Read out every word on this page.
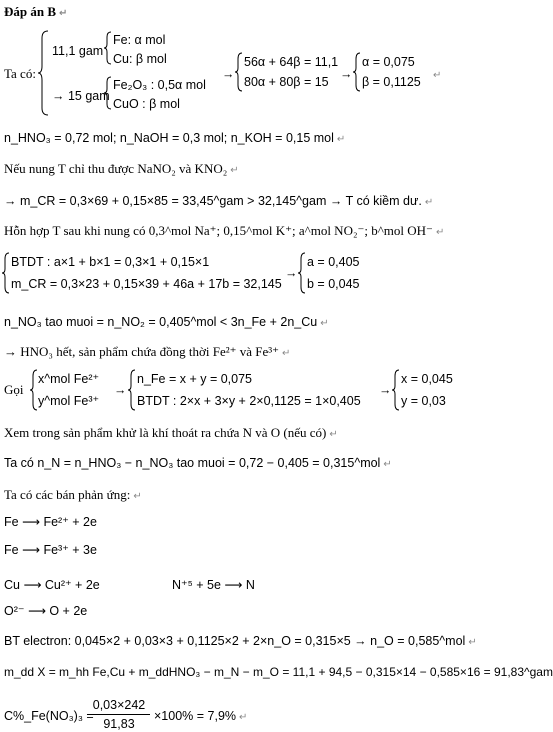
Đáp án B ↵
Ta có:
11,1 gam
Fe: α mol
Cu: β mol
→ 15 gam
Fe₂O₃ : 0,5α mol
CuO : β mol
→
56α + 64β = 11,1
80α + 80β = 15
→
α = 0,075
β = 0,1125	↵
n_HNO₃ = 0,72 mol; n_NaOH = 0,3 mol; n_KOH = 0,15 mol ↵
Nếu nung T chỉ thu được NaNO₂ và KNO₂ ↵
→ m_CR = 0,3×69 + 0,15×85 = 33,45^gam > 32,145^gam → T có kiềm dư. ↵
Hỗn hợp T sau khi nung có 0,3^mol Na⁺; 0,15^mol K⁺; a^mol NO₂⁻; b^mol OH⁻ ↵
BTDT : a×1 + b×1 = 0,3×1 + 0,15×1
m_CR = 0,3×23 + 0,15×39 + 46a + 17b = 32,145
→
a = 0,405
b = 0,045
n_NO₃ tao muoi = n_NO₂ = 0,405^mol < 3n_Fe + 2n_Cu ↵
→ HNO₃ hết, sản phẩm chứa đồng thời Fe²⁺ và Fe³⁺ ↵
Gọi
x^mol Fe²⁺
y^mol Fe³⁺
→
n_Fe = x + y = 0,075
BTDT : 2×x + 3×y + 2×0,1125 = 1×0,405
→
x = 0,045
y = 0,03
Xem trong sản phẩm khử là khí thoát ra chứa N và O (nếu có) ↵
Ta có n_N = n_HNO₃ − n_NO₃ tao muoi = 0,72 − 0,405 = 0,315^mol ↵
Ta có các bán phản ứng: ↵
Fe ⟶ Fe²⁺ + 2e
Fe ⟶ Fe³⁺ + 3e
Cu ⟶ Cu²⁺ + 2e	N⁺⁵ + 5e ⟶ N
O²⁻ ⟶ O + 2e
BT electron: 0,045×2 + 0,03×3 + 0,1125×2 + 2×n_O = 0,315×5 → n_O = 0,585^mol ↵
m_dd X = m_hh Fe,Cu + m_ddHNO₃ − m_N − m_O = 11,1 + 94,5 − 0,315×14 − 0,585×16 = 91,83^gam
C%_Fe(NO₃)₃ =
0,03×242
91,83
×100% = 7,9% ↵
